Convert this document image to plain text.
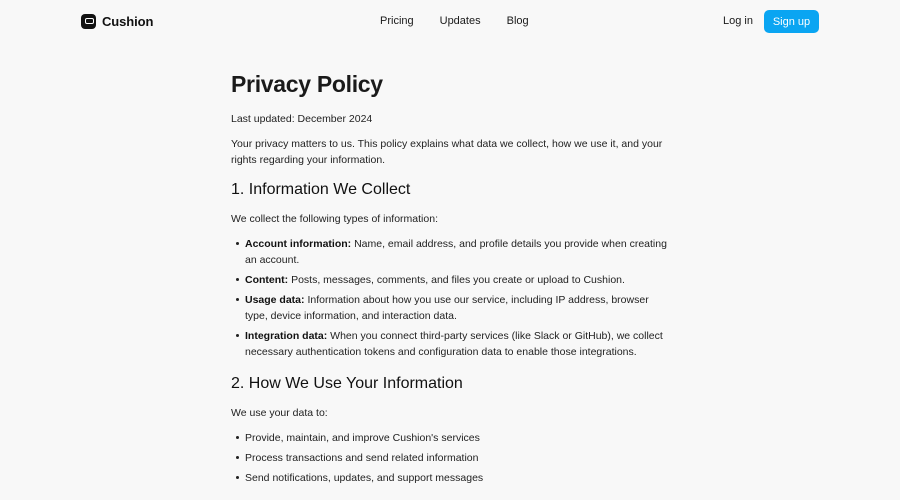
Cushion	Pricing Updates Blog	Log in	Sign up
Privacy Policy

Last updated: December 2024

Your privacy matters to us. This policy explains what data we collect, how we use it, and your rights regarding your information.

1. Information We Collect

We collect the following types of information:

Account information: Name, email address, and profile details you provide when creating an account.
Content: Posts, messages, comments, and files you create or upload to Cushion.
Usage data: Information about how you use our service, including IP address, browser type, device information, and interaction data.
Integration data: When you connect third-party services (like Slack or GitHub), we collect necessary authentication tokens and configuration data to enable those integrations.
2. How We Use Your Information

We use your data to:

Provide, maintain, and improve Cushion's services
Process transactions and send related information
Send notifications, updates, and support messages
